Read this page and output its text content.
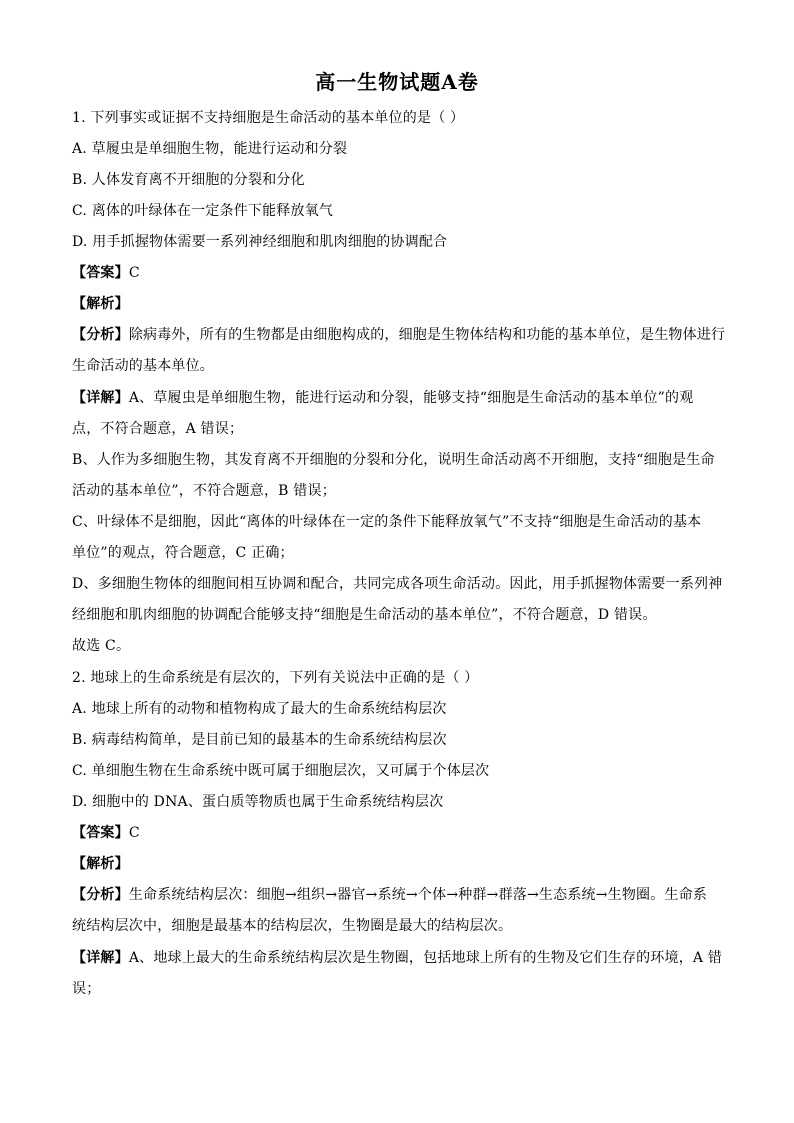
高一生物试题A卷
1. 下列事实或证据不支持细胞是生命活动的基本单位的是（ ）
A. 草履虫是单细胞生物，能进行运动和分裂
B. 人体发育离不开细胞的分裂和分化
C. 离体的叶绿体在一定条件下能释放氧气
D. 用手抓握物体需要一系列神经细胞和肌肉细胞的协调配合
【答案】C
【解析】
【分析】除病毒外，所有的生物都是由细胞构成的，细胞是生物体结构和功能的基本单位，是生物体进行
生命活动的基本单位。
【详解】A、草履虫是单细胞生物，能进行运动和分裂，能够支持“细胞是生命活动的基本单位”的观
点，不符合题意，A 错误；
B、人作为多细胞生物，其发育离不开细胞的分裂和分化，说明生命活动离不开细胞，支持“细胞是生命
活动的基本单位”，不符合题意，B 错误；
C、叶绿体不是细胞，因此“离体的叶绿体在一定的条件下能释放氧气”不支持“细胞是生命活动的基本
单位”的观点，符合题意，C 正确；
D、多细胞生物体的细胞间相互协调和配合，共同完成各项生命活动。因此，用手抓握物体需要一系列神
经细胞和肌肉细胞的协调配合能够支持“细胞是生命活动的基本单位”，不符合题意，D 错误。
故选 C。
2. 地球上的生命系统是有层次的，下列有关说法中正确的是（ ）
A. 地球上所有的动物和植物构成了最大的生命系统结构层次
B. 病毒结构简单，是目前已知的最基本的生命系统结构层次
C. 单细胞生物在生命系统中既可属于细胞层次，又可属于个体层次
D. 细胞中的 DNA、蛋白质等物质也属于生命系统结构层次
【答案】C
【解析】
【分析】生命系统结构层次：细胞→组织→器官→系统→个体→种群→群落→生态系统→生物圈。生命系
统结构层次中，细胞是最基本的结构层次，生物圈是最大的结构层次。
【详解】A、地球上最大的生命系统结构层次是生物圈，包括地球上所有的生物及它们生存的环境，A 错
误；
